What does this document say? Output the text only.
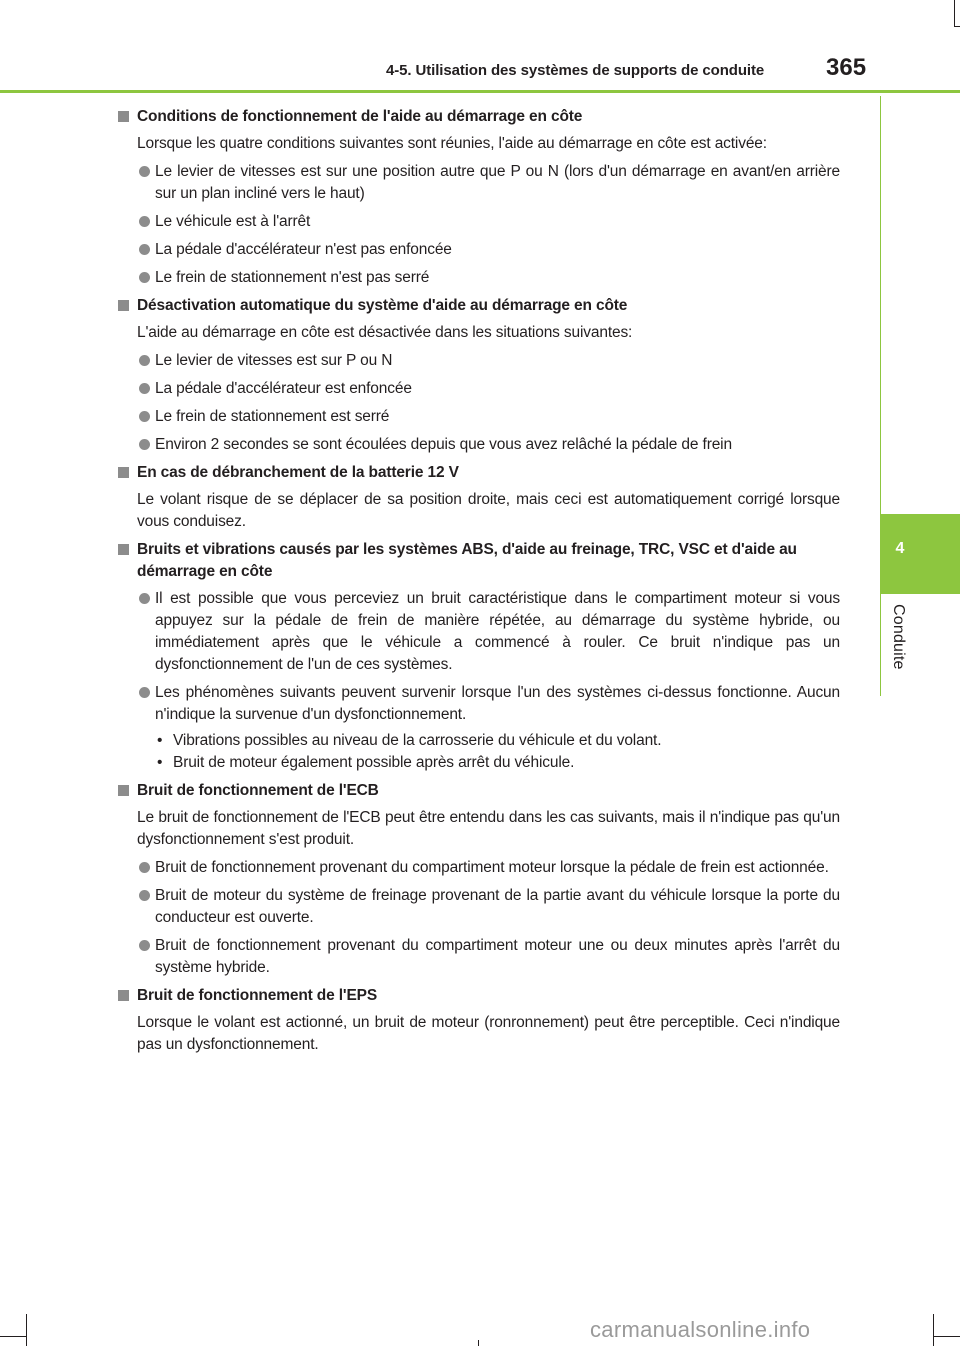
4-5. Utilisation des systèmes de supports de conduite	365
4
Conduite
Conditions de fonctionnement de l'aide au démarrage en côte
Lorsque les quatre conditions suivantes sont réunies, l'aide au démarrage en côte est activée:
Le levier de vitesses est sur une position autre que P ou N (lors d'un démarrage en avant/en arrière sur un plan incliné vers le haut)
Le véhicule est à l'arrêt
La pédale d'accélérateur n'est pas enfoncée
Le frein de stationnement n'est pas serré
Désactivation automatique du système d'aide au démarrage en côte
L'aide au démarrage en côte est désactivée dans les situations suivantes:
Le levier de vitesses est sur P ou N
La pédale d'accélérateur est enfoncée
Le frein de stationnement est serré
Environ 2 secondes se sont écoulées depuis que vous avez relâché la pédale de frein
En cas de débranchement de la batterie 12 V
Le volant risque de se déplacer de sa position droite, mais ceci est automatiquement corrigé lorsque vous conduisez.
Bruits et vibrations causés par les systèmes ABS, d'aide au freinage, TRC, VSC et d'aide au démarrage en côte
Il est possible que vous perceviez un bruit caractéristique dans le compartiment moteur si vous appuyez sur la pédale de frein de manière répétée, au démarrage du système hybride, ou immédiatement après que le véhicule a commencé à rouler. Ce bruit n'indique pas un dysfonctionnement de l'un de ces systèmes.
Les phénomènes suivants peuvent survenir lorsque l'un des systèmes ci-dessus fonctionne. Aucun n'indique la survenue d'un dysfonctionnement.
• Vibrations possibles au niveau de la carrosserie du véhicule et du volant.
• Bruit de moteur également possible après arrêt du véhicule.
Bruit de fonctionnement de l'ECB
Le bruit de fonctionnement de l'ECB peut être entendu dans les cas suivants, mais il n'indique pas qu'un dysfonctionnement s'est produit.
Bruit de fonctionnement provenant du compartiment moteur lorsque la pédale de frein est actionnée.
Bruit de moteur du système de freinage provenant de la partie avant du véhicule lorsque la porte du conducteur est ouverte.
Bruit de fonctionnement provenant du compartiment moteur une ou deux minutes après l'arrêt du système hybride.
Bruit de fonctionnement de l'EPS
Lorsque le volant est actionné, un bruit de moteur (ronronnement) peut être perceptible. Ceci n'indique pas un dysfonctionnement.
carmanualsonline.info
